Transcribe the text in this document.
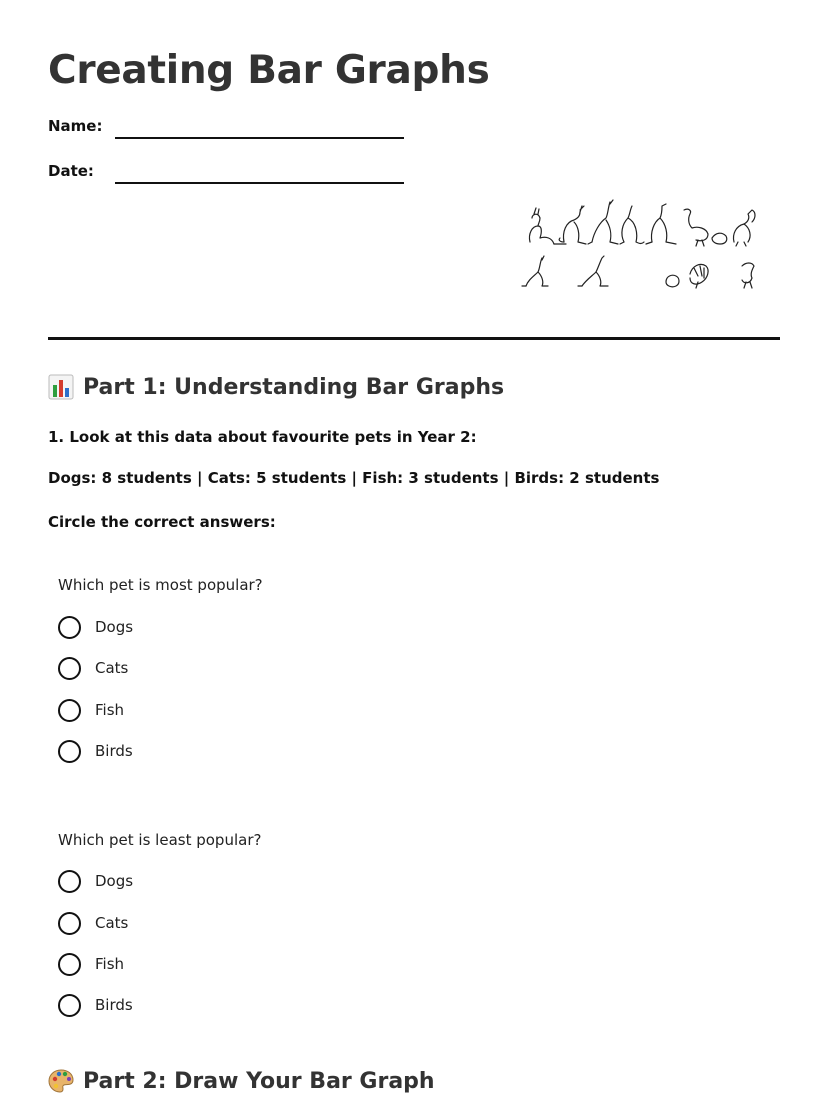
Creating Bar Graphs
Name:
Date:
Part 1: Understanding Bar Graphs

1. Look at this data about favourite pets in Year 2:

Dogs: 8 students | Cats: 5 students | Fish: 3 students | Birds: 2 students

Circle the correct answers:

Which pet is most popular?

Dogs
Cats
Fish
Birds

Which pet is least popular?

Dogs
Cats
Fish
Birds
Part 2: Draw Your Bar Graph
